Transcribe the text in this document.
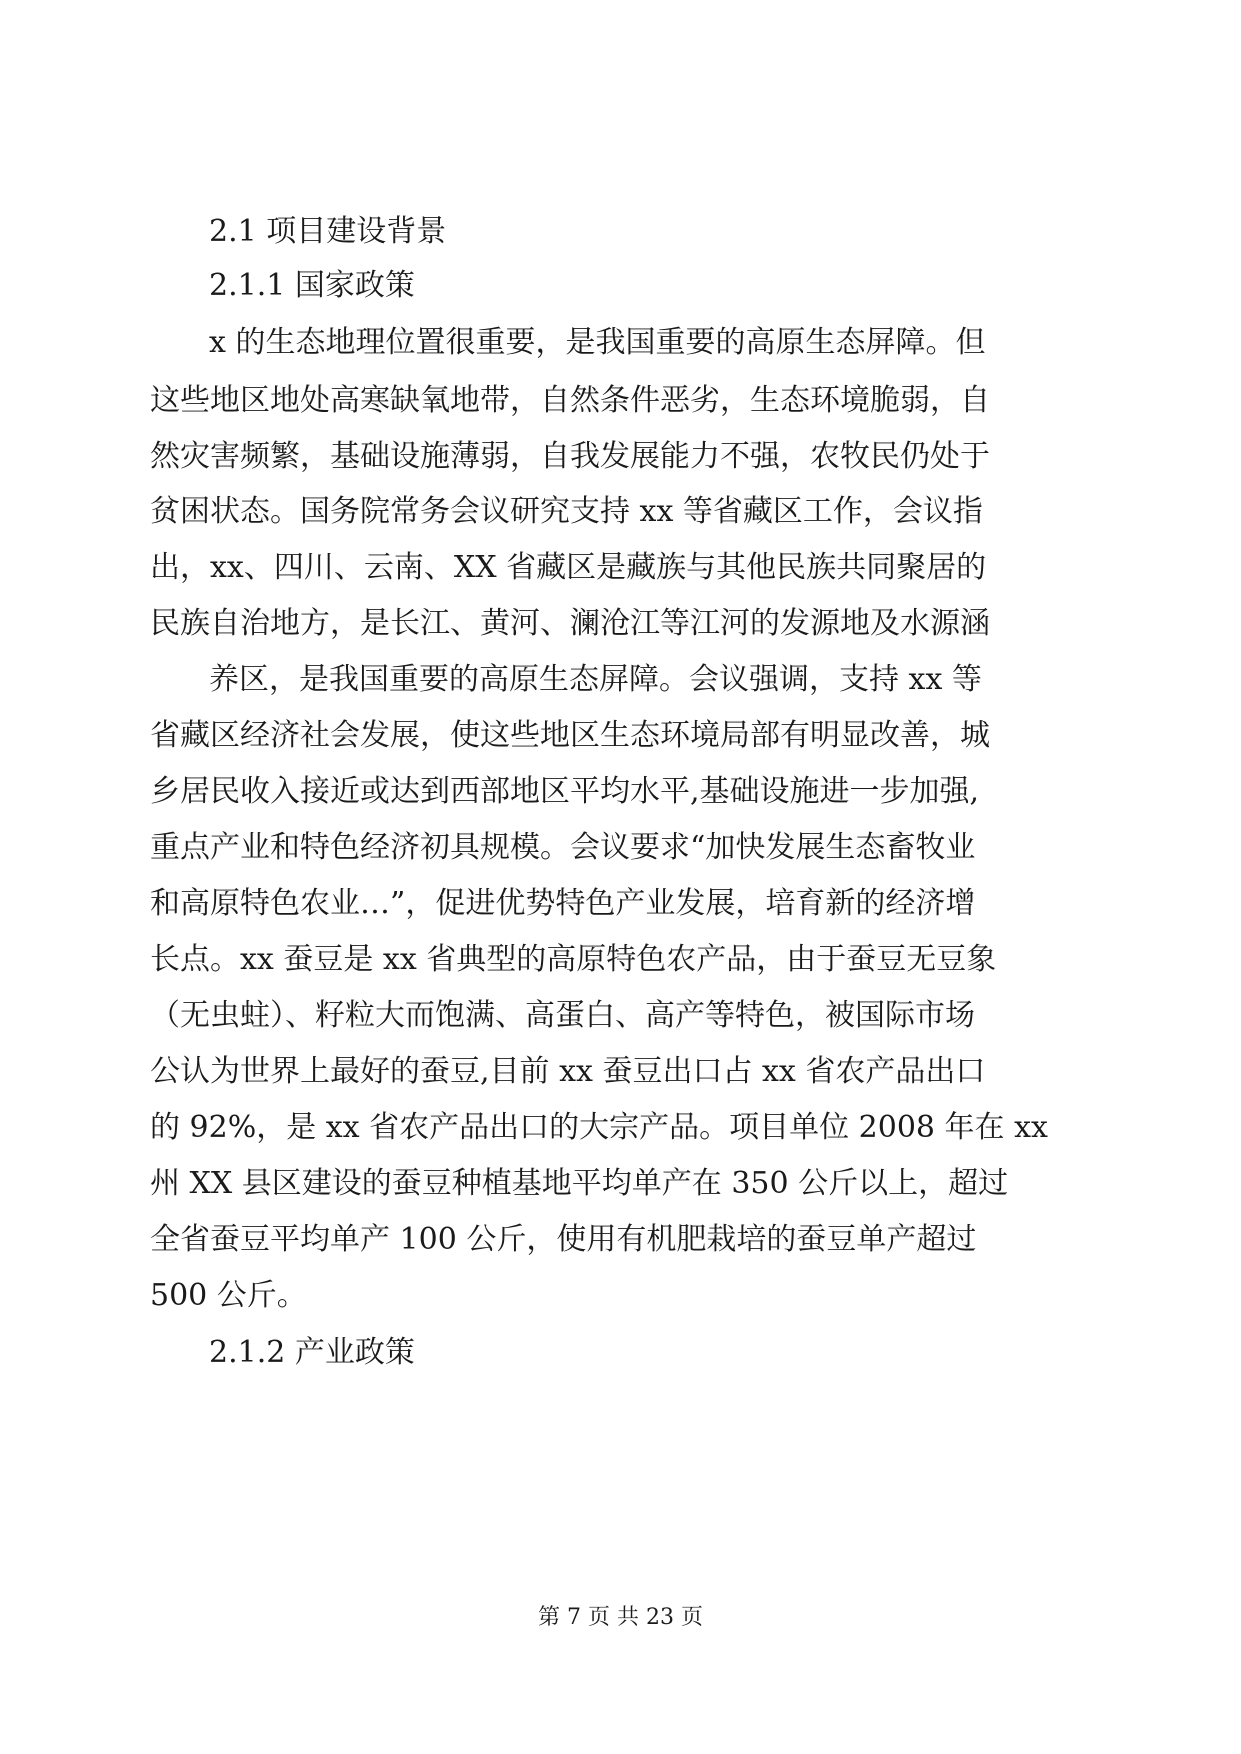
2.1 项目建设背景
2.1.1 国家政策
x 的生态地理位置很重要，是我国重要的高原生态屏障。但
这些地区地处高寒缺氧地带，自然条件恶劣，生态环境脆弱，自
然灾害频繁，基础设施薄弱，自我发展能力不强，农牧民仍处于
贫困状态。国务院常务会议研究支持 xx 等省藏区工作，会议指
出，xx、四川、云南、XX 省藏区是藏族与其他民族共同聚居的
民族自治地方，是长江、黄河、澜沧江等江河的发源地及水源涵
养区，是我国重要的高原生态屏障。会议强调，支持 xx 等
省藏区经济社会发展，使这些地区生态环境局部有明显改善，城
乡居民收入接近或达到西部地区平均水平,基础设施进一步加强,
重点产业和特色经济初具规模。会议要求“加快发展生态畜牧业
和高原特色农业…”，促进优势特色产业发展，培育新的经济增
长点。xx 蚕豆是 xx 省典型的高原特色农产品，由于蚕豆无豆象
（无虫蛀）、籽粒大而饱满、高蛋白、高产等特色，被国际市场
公认为世界上最好的蚕豆,目前 xx 蚕豆出口占 xx 省农产品出口
的 92%，是 xx 省农产品出口的大宗产品。项目单位 2008 年在 xx
州 XX 县区建设的蚕豆种植基地平均单产在 350 公斤以上，超过
全省蚕豆平均单产 100 公斤，使用有机肥栽培的蚕豆单产超过
500 公斤。
2.1.2 产业政策
第 7 页 共 23 页
